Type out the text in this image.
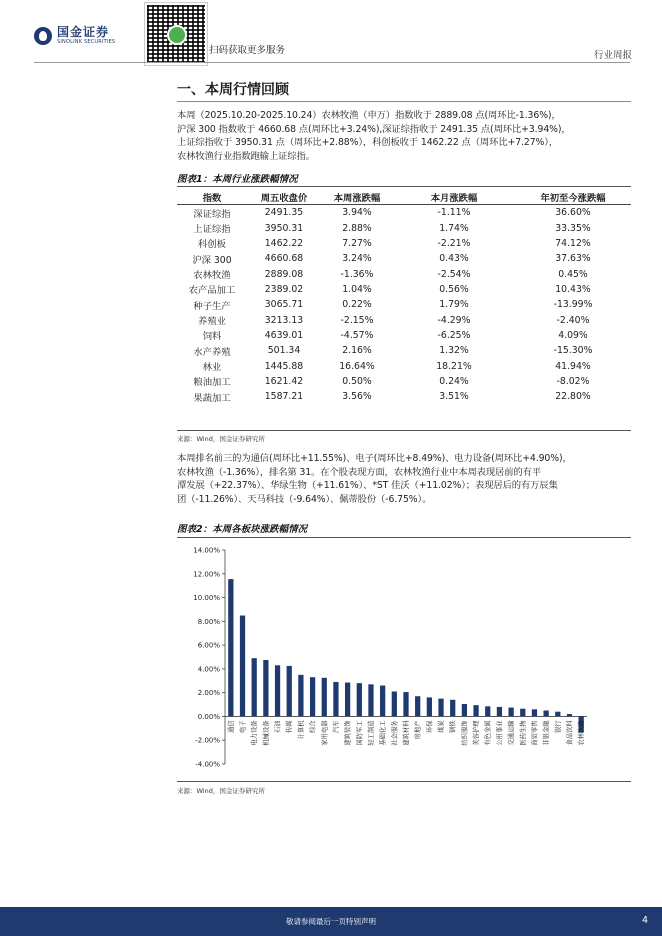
国金证券
SINOLINK SECURITIES
扫码获取更多服务	行业周报
一、本周行情回顾
本周（2025.10.20-2025.10.24）农林牧渔（申万）指数收于 2889.08 点(周环比-1.36%)，
沪深 300 指数收于 4660.68 点(周环比+3.24%),深证综指收于 2491.35 点(周环比+3.94%)，
上证综指收于 3950.31 点（周环比+2.88%），科创板收于 1462.22 点（周环比+7.27%），
农林牧渔行业指数跑输上证综指。
图表1：本周行业涨跌幅情况
指数	周五收盘价	本周涨跌幅	本月涨跌幅	年初至今涨跌幅
深证综指	2491.35	3.94%	-1.11%	36.60%
上证综指	3950.31	2.88%	1.74%	33.35%
科创板	1462.22	7.27%	-2.21%	74.12%
沪深 300	4660.68	3.24%	0.43%	37.63%
农林牧渔	2889.08	-1.36%	-2.54%	0.45%
农产品加工	2389.02	1.04%	0.56%	10.43%
种子生产	3065.71	0.22%	1.79%	-13.99%
养殖业	3213.13	-2.15%	-4.29%	-2.40%
饲料	4639.01	-4.57%	-6.25%	4.09%
水产养殖	501.34	2.16%	1.32%	-15.30%
林业	1445.88	16.64%	18.21%	41.94%
粮油加工	1621.42	0.50%	0.24%	-8.02%
果蔬加工	1587.21	3.56%	3.51%	22.80%
来源：Wind，国金证券研究所
本周排名前三的为通信(周环比+11.55%)、电子(周环比+8.49%)、电力设备(周环比+4.90%)，
农林牧渔（-1.36%），排名第 31。在个股表现方面，农林牧渔行业中本周表现居前的有平
潭发展（+22.37%）、华绿生物（+11.61%）、*ST 佳沃（+11.02%）；表现居后的有万辰集
团（-11.26%）、天马科技（-9.64%）、佩蒂股份（-6.75%）。
图表2：本周各板块涨跌幅情况
14.00%
12.00%
10.00%
8.00%
6.00%
4.00%
2.00%
0.00%
-2.00%
-4.00%
通信 电子 电力设备 机械设备 石油 传媒 计算机 综合 家用电器 汽车 建筑装饰 国防军工 轻工制造 基础化工 社会服务 建筑材料 房地产 环保 煤炭 钢铁 纺织服饰 美容护理 有色金属 公用事业 交通运输 医药生物 商贸零售 非银金融 银行 食品饮料 农林牧渔
来源：Wind，国金证券研究所
敬请参阅最后一页特别声明	4
